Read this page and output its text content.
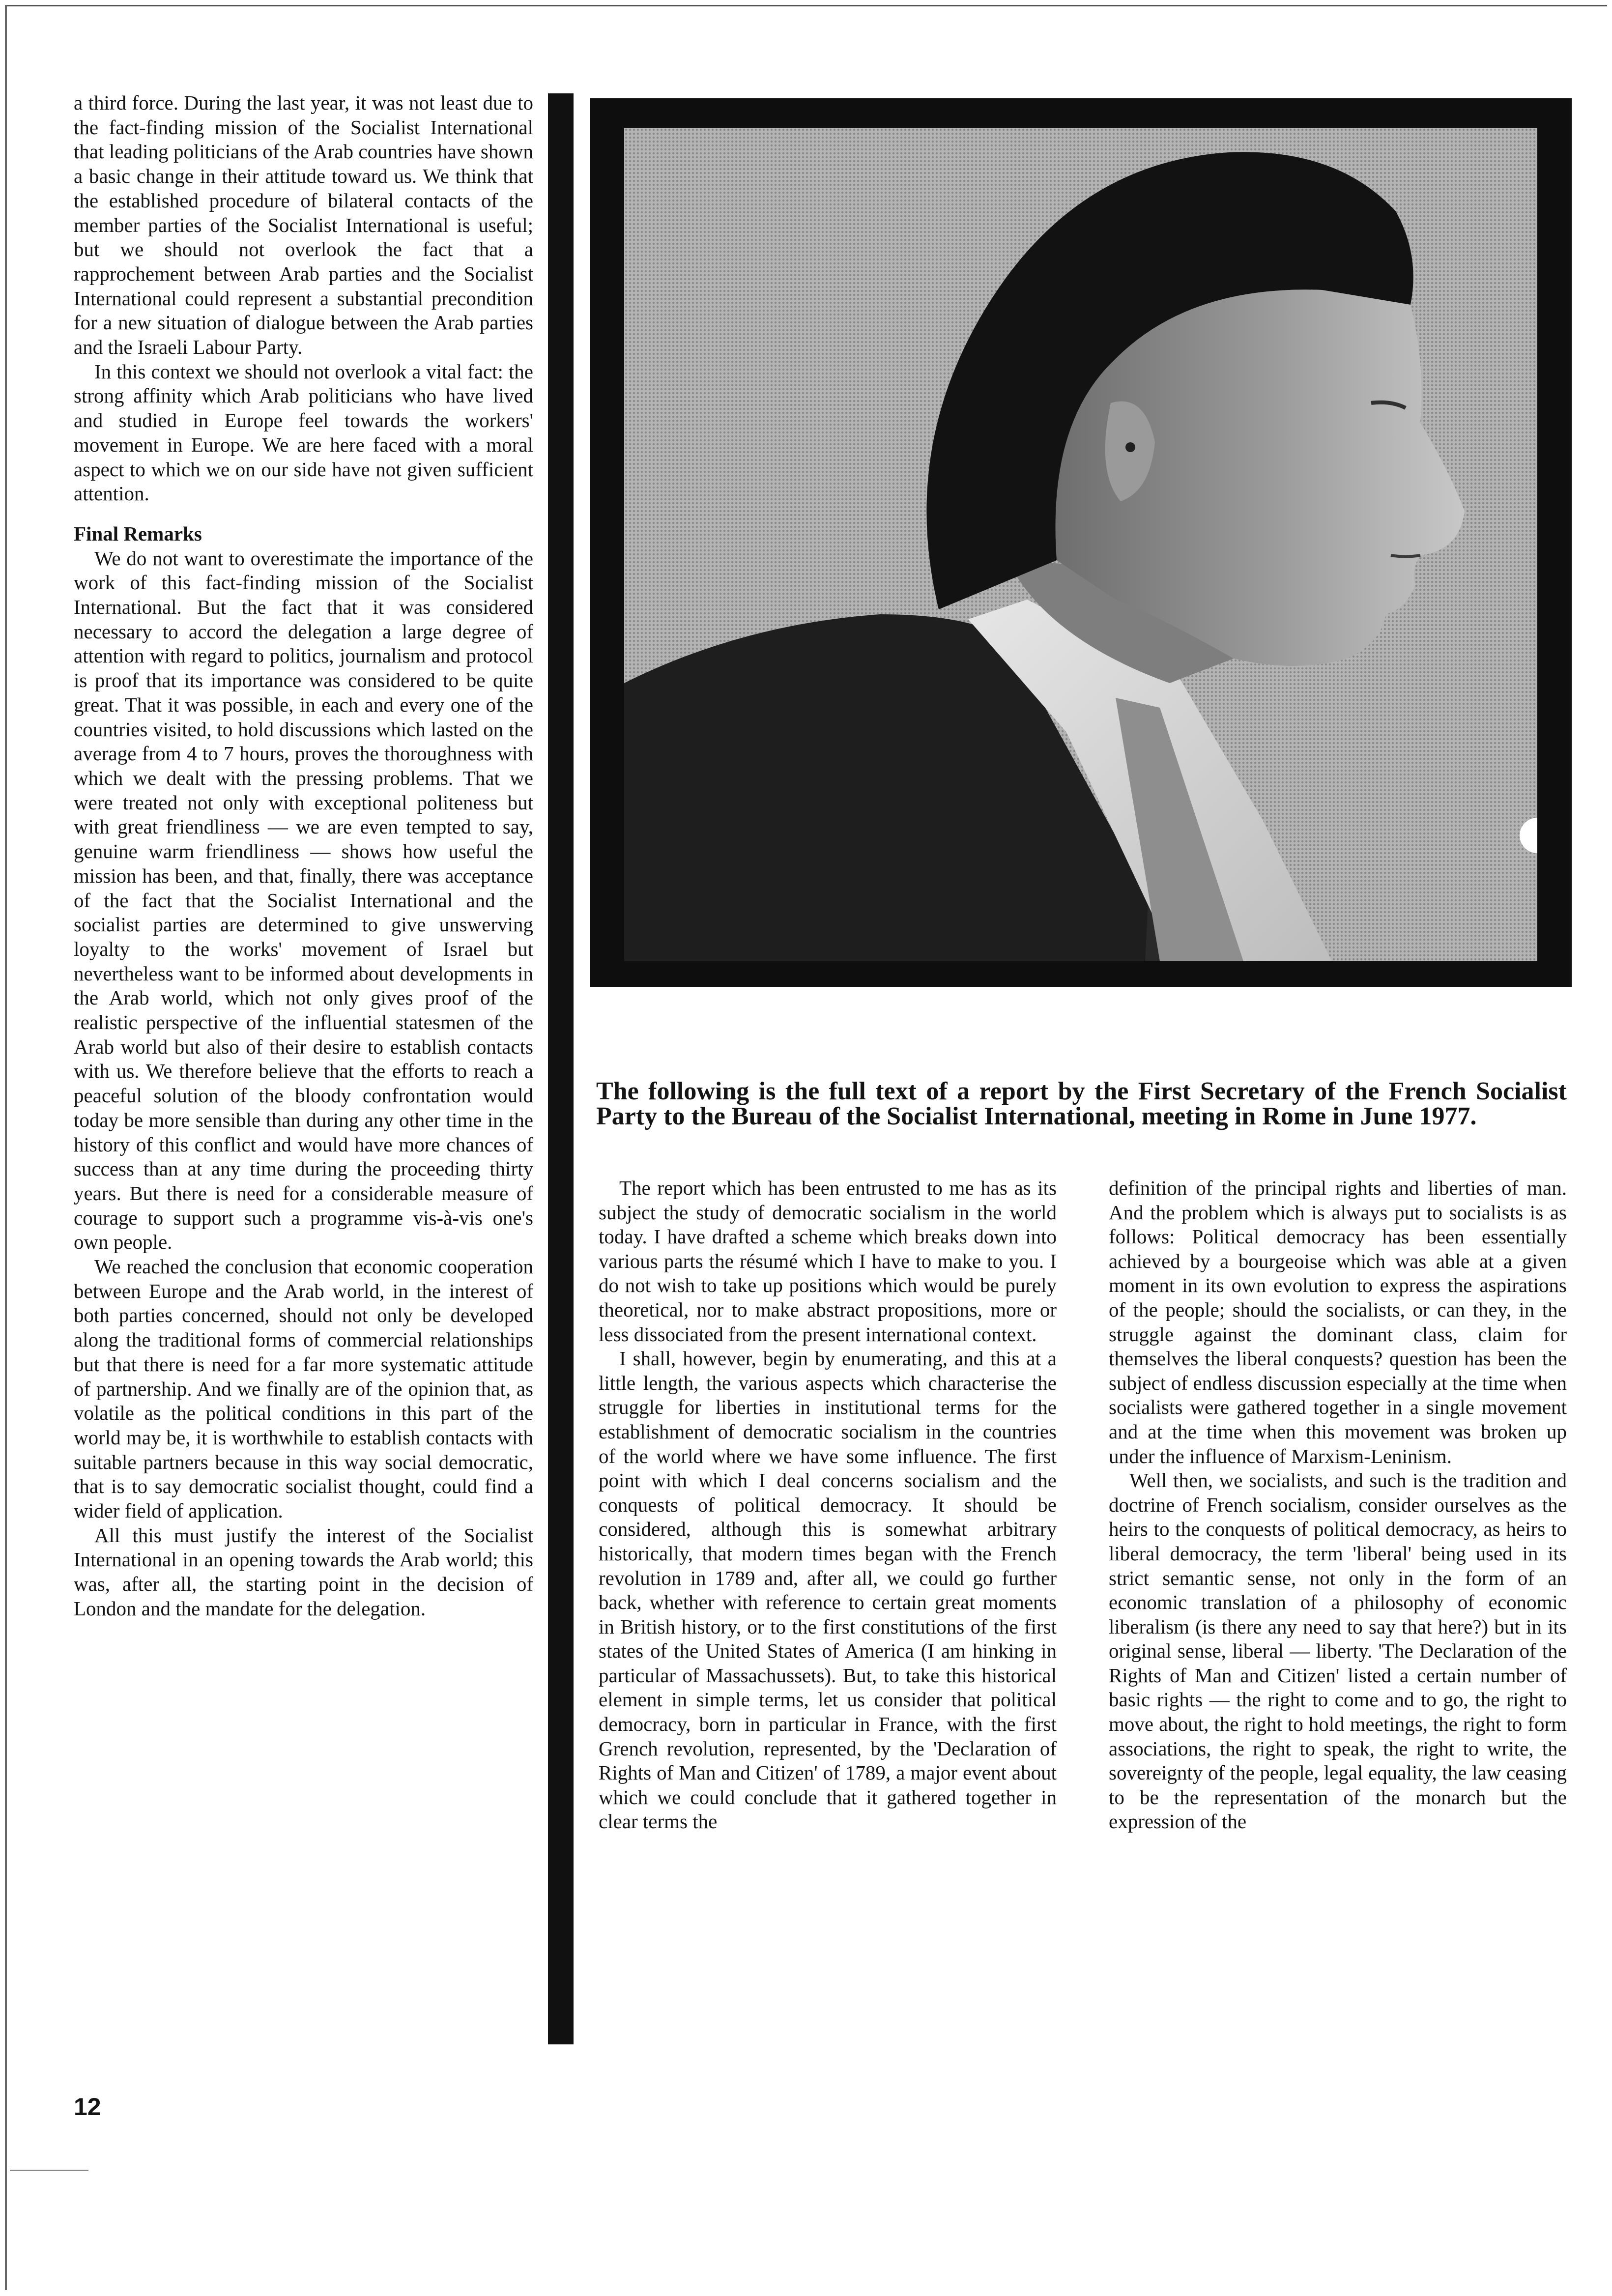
a third force. During the last year, it was not least due to the fact-finding mission of the Socialist International that leading politicians of the Arab countries have shown a basic change in their attitude toward us. We think that the established procedure of bilateral contacts of the member parties of the Socialist International is useful; but we should not overlook the fact that a rapprochement between Arab parties and the Socialist International could represent a substantial precondition for a new situation of dialogue between the Arab parties and the Israeli Labour Party.

In this context we should not overlook a vital fact: the strong affinity which Arab politicians who have lived and studied in Europe feel towards the workers' movement in Europe. We are here faced with a moral aspect to which we on our side have not given sufficient attention.

Final Remarks

We do not want to overestimate the importance of the work of this fact-finding mission of the Socialist International. But the fact that it was considered necessary to accord the delegation a large degree of attention with regard to politics, journalism and protocol is proof that its importance was considered to be quite great. That it was possible, in each and every one of the countries visited, to hold discussions which lasted on the average from 4 to 7 hours, proves the thoroughness with which we dealt with the pressing problems. That we were treated not only with exceptional politeness but with great friendliness — we are even tempted to say, genuine warm friendliness — shows how useful the mission has been, and that, finally, there was acceptance of the fact that the Socialist International and the socialist parties are determined to give unswerving loyalty to the works' movement of Israel but nevertheless want to be informed about developments in the Arab world, which not only gives proof of the realistic perspective of the influential statesmen of the Arab world but also of their desire to establish contacts with us. We therefore believe that the efforts to reach a peaceful solution of the bloody confrontation would today be more sensible than during any other time in the history of this conflict and would have more chances of success than at any time during the proceeding thirty years. But there is need for a considerable measure of courage to support such a programme vis-à-vis one's own people.

We reached the conclusion that economic cooperation between Europe and the Arab world, in the interest of both parties concerned, should not only be developed along the traditional forms of commercial relationships but that there is need for a far more systematic attitude of partnership. And we finally are of the opinion that, as volatile as the political conditions in this part of the world may be, it is worthwhile to establish contacts with suitable partners because in this way social democratic, that is to say democratic socialist thought, could find a wider field of application.

All this must justify the interest of the Socialist International in an opening towards the Arab world; this was, after all, the starting point in the decision of London and the mandate for the delegation.

The following is the full text of a report by the First Secretary of the French Socialist Party to the Bureau of the Socialist International, meeting in Rome in June 1977.

The report which has been entrusted to me has as its subject the study of democratic socialism in the world today. I have drafted a scheme which breaks down into various parts the résumé which I have to make to you. I do not wish to take up positions which would be purely theoretical, nor to make abstract propositions, more or less dissociated from the present international context.

I shall, however, begin by enumerating, and this at a little length, the various aspects which characterise the struggle for liberties in institutional terms for the establishment of democratic socialism in the countries of the world where we have some influence. The first point with which I deal concerns socialism and the conquests of political democracy. It should be considered, although this is somewhat arbitrary historically, that modern times began with the French revolution in 1789 and, after all, we could go further back, whether with reference to certain great moments in British history, or to the first constitutions of the first states of the United States of America (I am hinking in particular of Massachussets). But, to take this historical element in simple terms, let us consider that political democracy, born in particular in France, with the first Grench revolution, represented, by the 'Declaration of Rights of Man and Citizen' of 1789, a major event about which we could conclude that it gathered together in clear terms the

definition of the principal rights and liberties of man. And the problem which is always put to socialists is as follows: Political democracy has been essentially achieved by a bourgeoise which was able at a given moment in its own evolution to express the aspirations of the people; should the socialists, or can they, in the struggle against the dominant class, claim for themselves the liberal conquests? question has been the subject of endless discussion especially at the time when socialists were gathered together in a single movement and at the time when this movement was broken up under the influence of Marxism-Leninism.

Well then, we socialists, and such is the tradition and doctrine of French socialism, consider ourselves as the heirs to the conquests of political democracy, as heirs to liberal democracy, the term 'liberal' being used in its strict semantic sense, not only in the form of an economic translation of a philosophy of economic liberalism (is there any need to say that here?) but in its original sense, liberal — liberty. 'The Declaration of the Rights of Man and Citizen' listed a certain number of basic rights — the right to come and to go, the right to move about, the right to hold meetings, the right to form associations, the right to speak, the right to write, the sovereignty of the people, legal equality, the law ceasing to be the representation of the monarch but the expression of the

12
